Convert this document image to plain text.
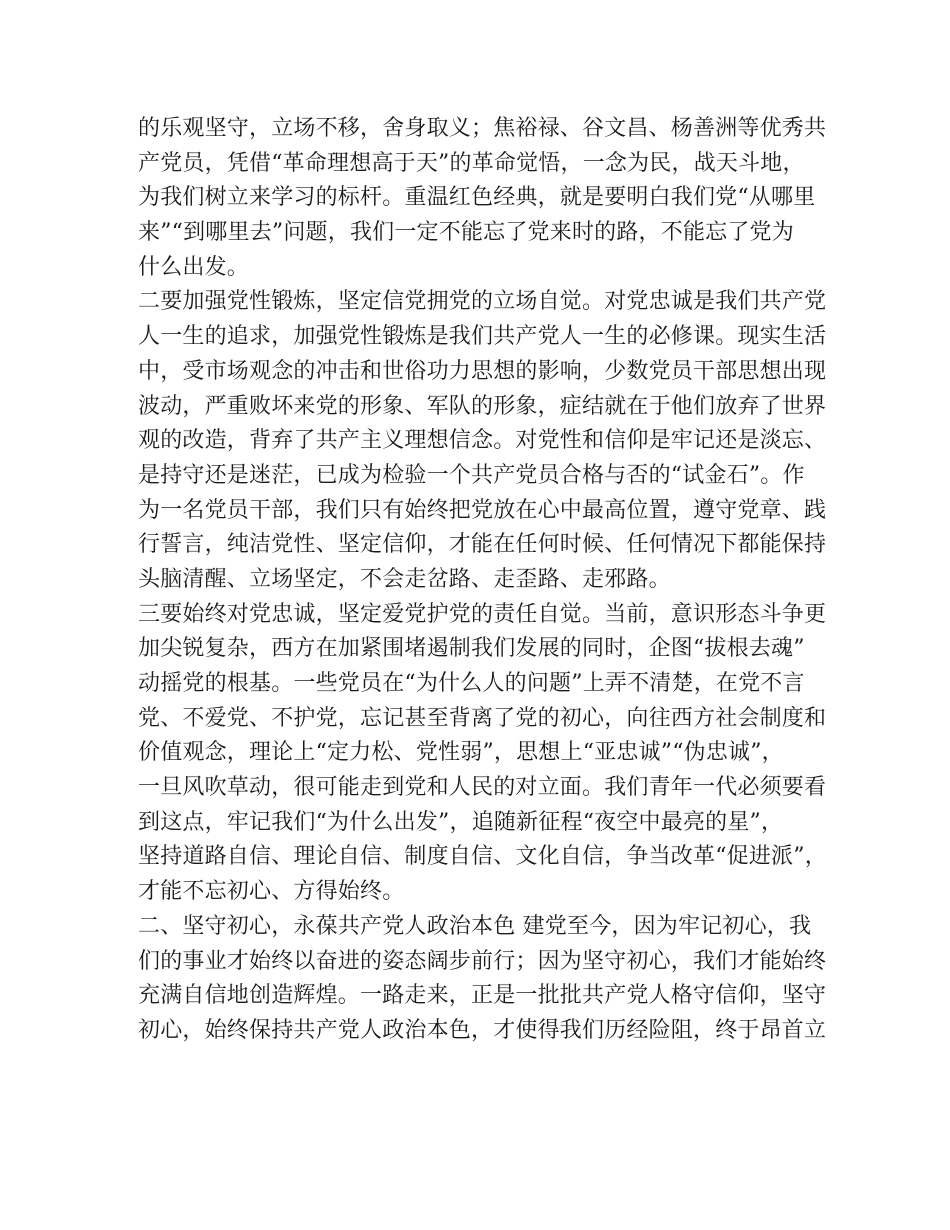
的乐观坚守，立场不移，舍身取义；焦裕禄、谷文昌、杨善洲等优秀共
产党员，凭借“革命理想高于天”的革命觉悟，一念为民，战天斗地，
为我们树立来学习的标杆。重温红色经典，就是要明白我们党“从哪里
来”“到哪里去”问题，我们一定不能忘了党来时的路，不能忘了党为
什么出发。
二要加强党性锻炼，坚定信党拥党的立场自觉。对党忠诚是我们共产党
人一生的追求，加强党性锻炼是我们共产党人一生的必修课。现实生活
中，受市场观念的冲击和世俗功力思想的影响，少数党员干部思想出现
波动，严重败坏来党的形象、军队的形象，症结就在于他们放弃了世界
观的改造，背弃了共产主义理想信念。对党性和信仰是牢记还是淡忘、
是持守还是迷茫，已成为检验一个共产党员合格与否的“试金石”。作
为一名党员干部，我们只有始终把党放在心中最高位置，遵守党章、践
行誓言，纯洁党性、坚定信仰，才能在任何时候、任何情况下都能保持
头脑清醒、立场坚定，不会走岔路、走歪路、走邪路。
三要始终对党忠诚，坚定爱党护党的责任自觉。当前，意识形态斗争更
加尖锐复杂，西方在加紧围堵遏制我们发展的同时，企图“拔根去魂”
动摇党的根基。一些党员在“为什么人的问题”上弄不清楚，在党不言
党、不爱党、不护党，忘记甚至背离了党的初心，向往西方社会制度和
价值观念，理论上“定力松、党性弱”，思想上“亚忠诚”“伪忠诚”，
一旦风吹草动，很可能走到党和人民的对立面。我们青年一代必须要看
到这点，牢记我们“为什么出发”，追随新征程“夜空中最亮的星”，
坚持道路自信、理论自信、制度自信、文化自信，争当改革“促进派”，
才能不忘初心、方得始终。
二、坚守初心，永葆共产党人政治本色 建党至今，因为牢记初心，我
们的事业才始终以奋进的姿态阔步前行；因为坚守初心，我们才能始终
充满自信地创造辉煌。一路走来，正是一批批共产党人格守信仰，坚守
初心，始终保持共产党人政治本色，才使得我们历经险阻，终于昂首立
